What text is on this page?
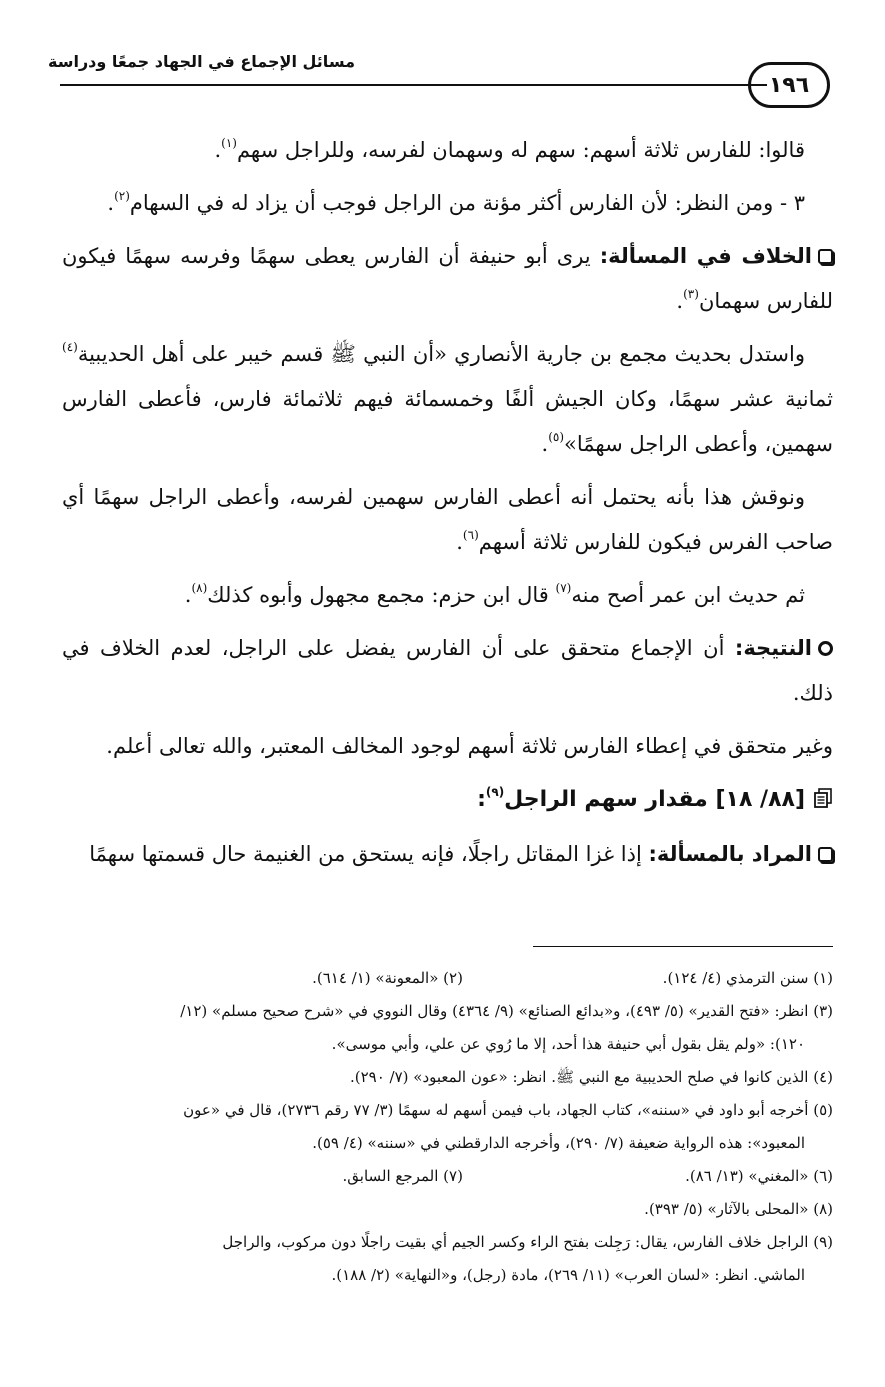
مسائل الإجماع في الجهاد جمعًا ودراسة
١٩٦

قالوا: للفارس ثلاثة أسهم: سهم له وسهمان لفرسه، وللراجل سهم$^{(١)}$.

٣ - ومن النظر: لأن الفارس أكثر مؤنة من الراجل فوجب أن يزاد له في السهام$^{(٢)}$.

الخلاف في المسألة: يرى أبو حنيفة أن الفارس يعطى سهمًا وفرسه سهمًا فيكون للفارس سهمان$^{(٣)}$.

واستدل بحديث مجمع بن جارية الأنصاري «أن النبي ﷺ قسم خيبر على أهل الحديبية$^{(٤)}$ ثمانية عشر سهمًا، وكان الجيش ألفًا وخمسمائة فيهم ثلاثمائة فارس، فأعطى الفارس سهمين، وأعطى الراجل سهمًا»$^{(٥)}$.

ونوقش هذا بأنه يحتمل أنه أعطى الفارس سهمين لفرسه، وأعطى الراجل سهمًا أي صاحب الفرس فيكون للفارس ثلاثة أسهم$^{(٦)}$.

ثم حديث ابن عمر أصح منه$^{(٧)}$ قال ابن حزم: مجمع مجهول وأبوه كذلك$^{(٨)}$.

النتيجة: أن الإجماع متحقق على أن الفارس يفضل على الراجل، لعدم الخلاف في ذلك.

وغير متحقق في إعطاء الفارس ثلاثة أسهم لوجود المخالف المعتبر، والله تعالى أعلم.

[٨٨/ ١٨] مقدار سهم الراجل$^{(٩)}$:

المراد بالمسألة: إذا غزا المقاتل راجلًا، فإنه يستحق من الغنيمة حال قسمتها سهمًا

(١) سنن الترمذي (٤/ ١٢٤).
(٢) «المعونة» (١/ ٦١٤).

(٣) انظر: «فتح القدير» (٥/ ٤٩٣)، و«بدائع الصنائع» (٩/ ٤٣٦٤) وقال النووي في «شرح صحيح مسلم» (١٢/

١٢٠): «ولم يقل بقول أبي حنيفة هذا أحد، إلا ما رُوي عن علي، وأبي موسى».

(٤) الذين كانوا في صلح الحديبية مع النبي ﷺ. انظر: «عون المعبود» (٧/ ٢٩٠).

(٥) أخرجه أبو داود في «سننه»، كتاب الجهاد، باب فيمن أسهم له سهمًا (٣/ ٧٧ رقم ٢٧٣٦)، قال في «عون

المعبود»: هذه الرواية ضعيفة (٧/ ٢٩٠)، وأخرجه الدارقطني في «سننه» (٤/ ٥٩).

(٦) «المغني» (١٣/ ٨٦).
(٧) المرجع السابق.

(٨) «المحلى بالآثار» (٥/ ٣٩٣).

(٩) الراجل خلاف الفارس، يقال: رَجِلت بفتح الراء وكسر الجيم أي بقيت راجلًا دون مركوب، والراجل

الماشي. انظر: «لسان العرب» (١١/ ٢٦٩)، مادة (رجل)، و«النهاية» (٢/ ١٨٨).
